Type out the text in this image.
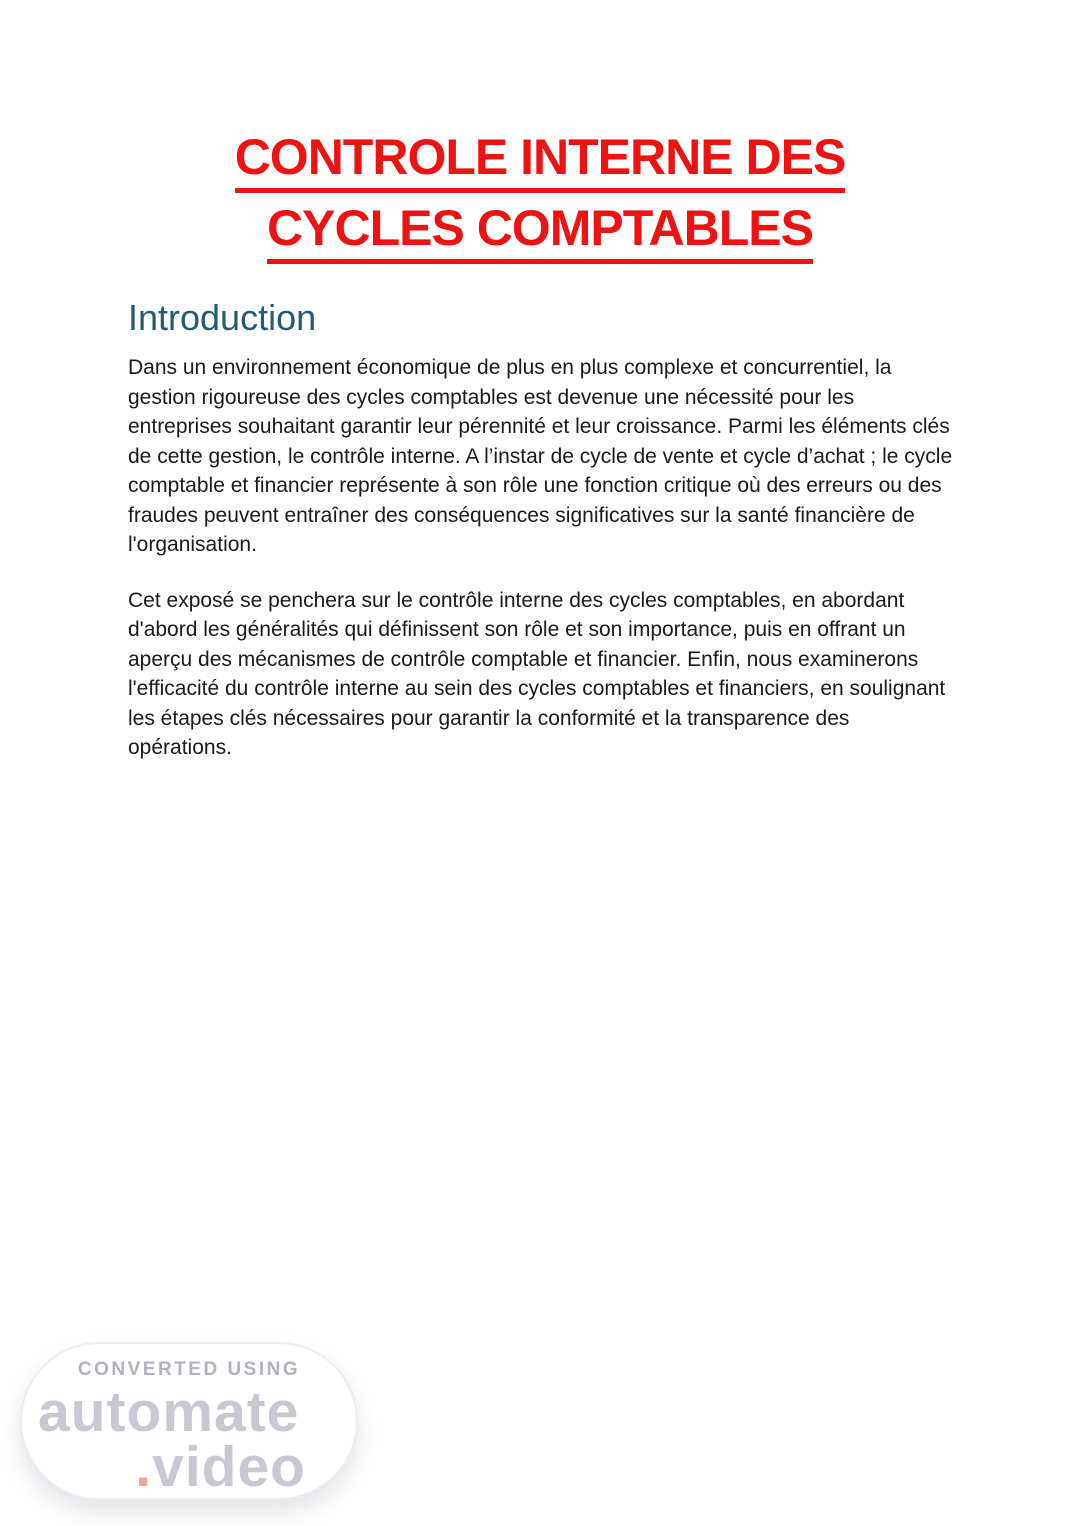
CONTROLE INTERNE DES
CYCLES COMPTABLES
Introduction

Dans un environnement économique de plus en plus complexe et concurrentiel, la gestion rigoureuse des cycles comptables est devenue une nécessité pour les entreprises souhaitant garantir leur pérennité et leur croissance. Parmi les éléments clés de cette gestion, le contrôle interne. A l’instar de cycle de vente et cycle d’achat ; le cycle comptable et financier représente à son rôle une fonction critique où des erreurs ou des fraudes peuvent entraîner des conséquences significatives sur la santé financière de l'organisation.

Cet exposé se penchera sur le contrôle interne des cycles comptables, en abordant d'abord les généralités qui définissent son rôle et son importance, puis en offrant un aperçu des mécanismes de contrôle comptable et financier. Enfin, nous examinerons l'efficacité du contrôle interne au sein des cycles comptables et financiers, en soulignant les étapes clés nécessaires pour garantir la conformité et la transparence des opérations.

CONVERTED USING
automate
.video
